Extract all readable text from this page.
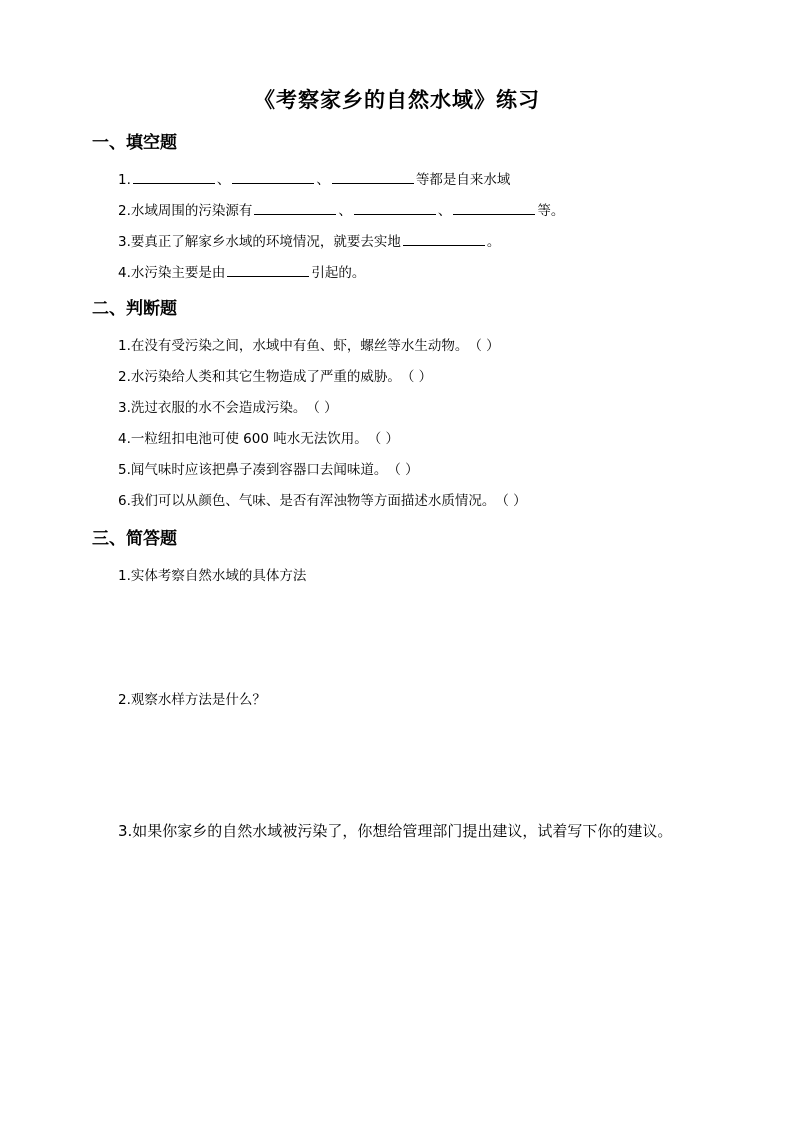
《考察家乡的自然水域》练习
一、填空题
1.	、	、	等都是自来水域
2.水域周围的污染源有	、	、	等。
3.要真正了解家乡水域的环境情况，就要去实地	。
4.水污染主要是由	引起的。
二、判断题
1.在没有受污染之间，水域中有鱼、虾，螺丝等水生动物。（ ）
2.水污染给人类和其它生物造成了严重的威胁。（ ）
3.洗过衣服的水不会造成污染。（ ）
4.一粒纽扣电池可使 600 吨水无法饮用。（ ）
5.闻气味时应该把鼻子凑到容器口去闻味道。（ ）
6.我们可以从颜色、气味、是否有浑浊物等方面描述水质情况。（ ）
三、简答题
1.实体考察自然水域的具体方法
2.观察水样方法是什么？
3.如果你家乡的自然水域被污染了，你想给管理部门提出建议，试着写下你的建议。
